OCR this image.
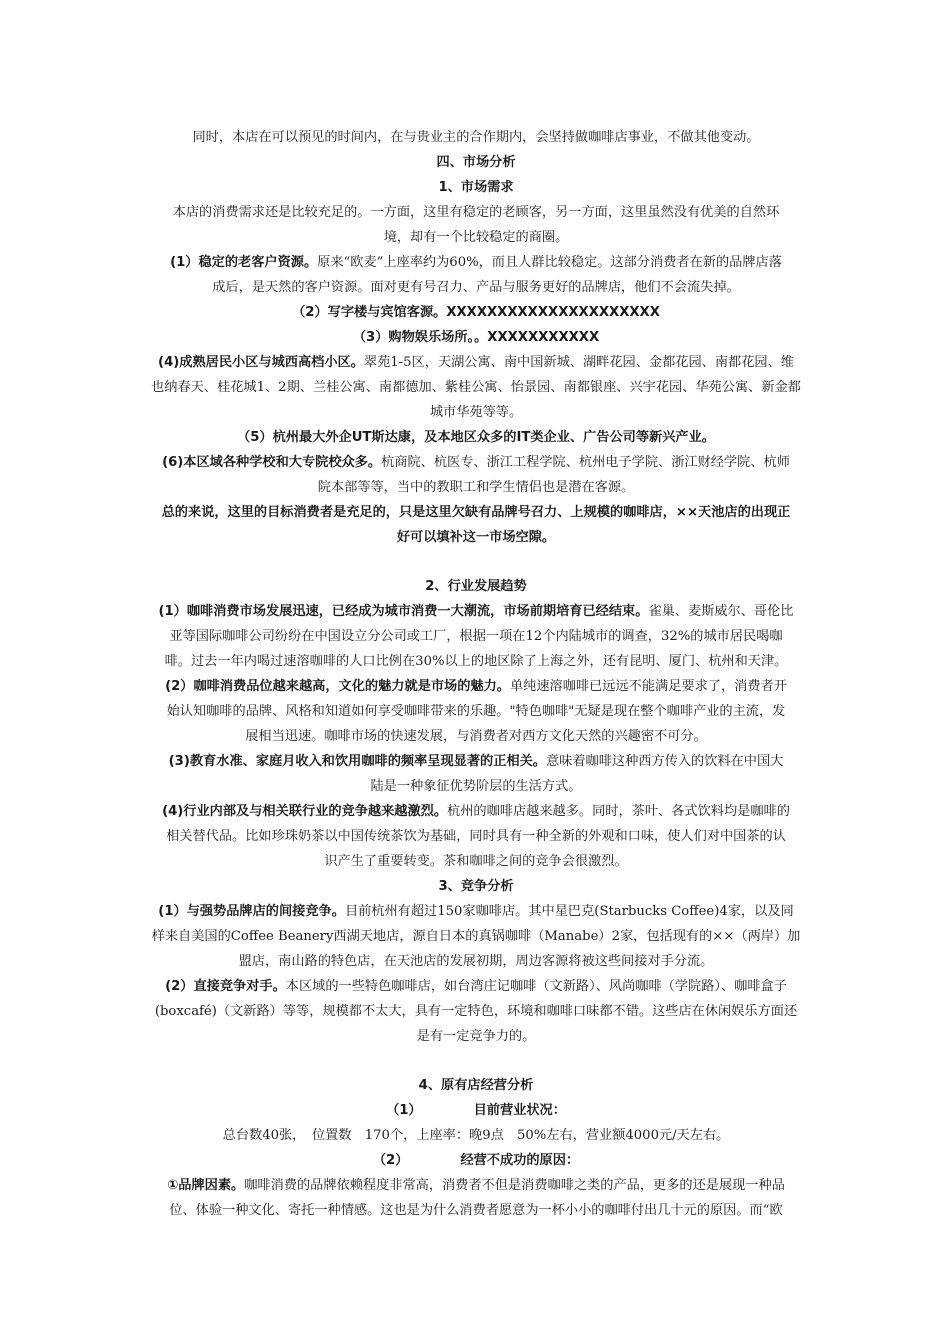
同时，本店在可以预见的时间内，在与贵业主的合作期内，会坚持做咖啡店事业，不做其他变动。
四、市场分析
1、市场需求
本店的消费需求还是比较充足的。一方面，这里有稳定的老顾客，另一方面，这里虽然没有优美的自然环
境，却有一个比较稳定的商圈。
(1）稳定的老客户资源。原来“欧麦”上座率约为60%，而且人群比较稳定。这部分消费者在新的品牌店落
成后，是天然的客户资源。面对更有号召力、产品与服务更好的品牌店，他们不会流失掉。
（2）写字楼与宾馆客源。XXXXXXXXXXXXXXXXXXXXX
（3）购物娱乐场所。。XXXXXXXXXXX
(4)成熟居民小区与城西高档小区。翠苑1-5区，天湖公寓、南中国新城、湖畔花园、金都花园、南都花园、维
也纳春天、桂花城1、2期、兰桂公寓、南都德加、紫桂公寓、怡景园、南都银座、兴宇花园、华苑公寓、新金都
城市华苑等等。
（5）杭州最大外企UT斯达康，及本地区众多的IT类企业、广告公司等新兴产业。
(6)本区域各种学校和大专院校众多。杭商院、杭医专、浙江工程学院、杭州电子学院、浙江财经学院、杭师
院本部等等，当中的教职工和学生情侣也是潜在客源。
总的来说，这里的目标消费者是充足的，只是这里欠缺有品牌号召力、上规模的咖啡店，××天池店的出现正
好可以填补这一市场空隙。
2、行业发展趋势
(1）咖啡消费市场发展迅速，已经成为城市消费一大潮流，市场前期培育已经结束。雀巢、麦斯威尔、哥伦比
亚等国际咖啡公司纷纷在中国设立分公司或工厂，根据一项在12个内陆城市的调查，32%的城市居民喝咖
啡。过去一年内喝过速溶咖啡的人口比例在30%以上的地区除了上海之外，还有昆明、厦门、杭州和天津。
(2）咖啡消费品位越来越高，文化的魅力就是市场的魅力。单纯速溶咖啡已远远不能满足要求了，消费者开
始认知咖啡的品牌、风格和知道如何享受咖啡带来的乐趣。"特色咖啡"无疑是现在整个咖啡产业的主流，发
展相当迅速。咖啡市场的快速发展，与消费者对西方文化天然的兴趣密不可分。
(3)教育水准、家庭月收入和饮用咖啡的频率呈现显著的正相关。意味着咖啡这种西方传入的饮料在中国大
陆是一种象征优势阶层的生活方式。
(4)行业内部及与相关联行业的竞争越来越激烈。杭州的咖啡店越来越多。同时，茶叶、各式饮料均是咖啡的
相关替代品。比如珍珠奶茶以中国传统茶饮为基础，同时具有一种全新的外观和口味，使人们对中国茶的认
识产生了重要转变。茶和咖啡之间的竞争会很激烈。
3、竞争分析
(1）与强势品牌店的间接竞争。目前杭州有超过150家咖啡店。其中星巴克(Starbucks Coffee)4家，以及同
样来自美国的Coffee Beanery西湖天地店，源自日本的真锅咖啡（Manabe）2家，包括现有的××（两岸）加
盟店，南山路的特色店，在天池店的发展初期，周边客源将被这些间接对手分流。
(2）直接竞争对手。本区域的一些特色咖啡店，如台湾庄记咖啡（文新路）、风尚咖啡（学院路）、咖啡盒子
(boxcafé)（文新路）等等，规模都不太大，具有一定特色，环境和咖啡口味都不错。这些店在休闲娱乐方面还
是有一定竞争力的。
4、原有店经营分析
（1）	目前营业状况：
总台数40张，　位置数　170个，上座率：晚9点　50%左右，营业额4000元/天左右。
（2）	经营不成功的原因：
①品牌因素。咖啡消费的品牌依赖程度非常高，消费者不但是消费咖啡之类的产品，更多的还是展现一种品
位、体验一种文化、寄托一种情感。这也是为什么消费者愿意为一杯小小的咖啡付出几十元的原因。而“欧
